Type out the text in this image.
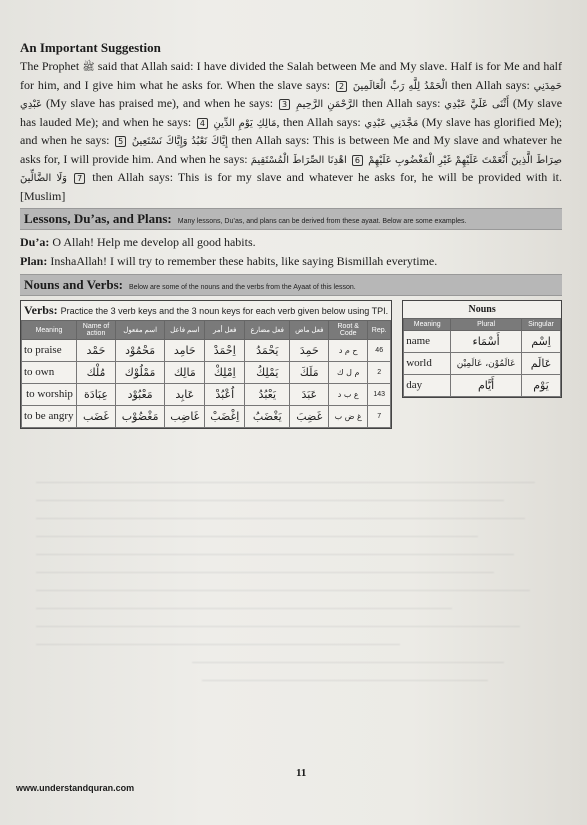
An Important Suggestion

The Prophet ﷺ said that Allah said: I have divided the Salah between Me and My slave. Half is for Me and half for him, and I give him what he asks for. When the slave says: 2 الْحَمْدُ لِلَّهِ رَبِّ الْعَالَمِينَ then Allah says: حَمِدَنِي عَبْدِي (My slave has praised me), and when he says: 3 الرَّحْمَنِ الرَّحِيمِ then Allah says: أَثْنَى عَلَيَّ عَبْدِي (My slave has lauded Me); and when he says: 4 مَالِكِ يَوْمِ الدِّينِ, then Allah says: مَجَّدَنِي عَبْدِي (My slave has glorified Me); and when he says: 5 إِيَّاكَ نَعْبُدُ وَإِيَّاكَ نَسْتَعِينُ then Allah says: This is between Me and My slave and whatever he asks for, I will provide him. And when he says: اهْدِنَا الصِّرَاطَ الْمُسْتَقِيمَ 6 صِرَاطَ الَّذِينَ أَنْعَمْتَ عَلَيْهِمْ غَيْرِ الْمَغْضُوبِ عَلَيْهِمْ وَلَا الضَّالِّينَ 7 then Allah says: This is for my slave and whatever he asks for, he will be provided with it. [Muslim]

Lessons, Du’as, and Plans: Many lessons, Du’as, and plans can be derived from these ayaat. Below are some examples.

Du’a: O Allah! Help me develop all good habits.

Plan: InshaAllah! I will try to remember these habits, like saying Bismillah everytime.

Nouns and Verbs: Below are some of the nouns and the verbs from the Ayaat of this lesson.
Verbs: Practice the 3 verb keys and the 3 noun keys for each verb given below using TPI.
Meaning	Name of action	اسم مفعول	اسم فاعل	فعل أمر	فعل مضارع	فعل ماض	Root & Code	Rep.
to praise	حَمْد	مَحْمُوْد	حَامِد	اِحْمَدْ	يَحْمَدُ	حَمِدَ	ح م د	46
to own	مُلْك	مَمْلُوْك	مَالِك	اِمْلِكْ	يَمْلِكُ	مَلَكَ	م ل ك	2
to worship	عِبَادَة	مَعْبُوْد	عَابِد	اُعْبُدْ	يَعْبُدُ	عَبَدَ	ع ب د	143
to be angry	غَضَب	مَغْضُوْب	غَاضِب	اِغْضَبْ	يَغْضَبُ	غَضِبَ	غ ض ب	7
Nouns
Meaning	Plural	Singular
name	أَسْمَاء	اِسْم
world	عَالَمُوْن، عَالَمِيْن	عَالَم
day	أَيَّام	يَوْم
11
www.understandquran.com
